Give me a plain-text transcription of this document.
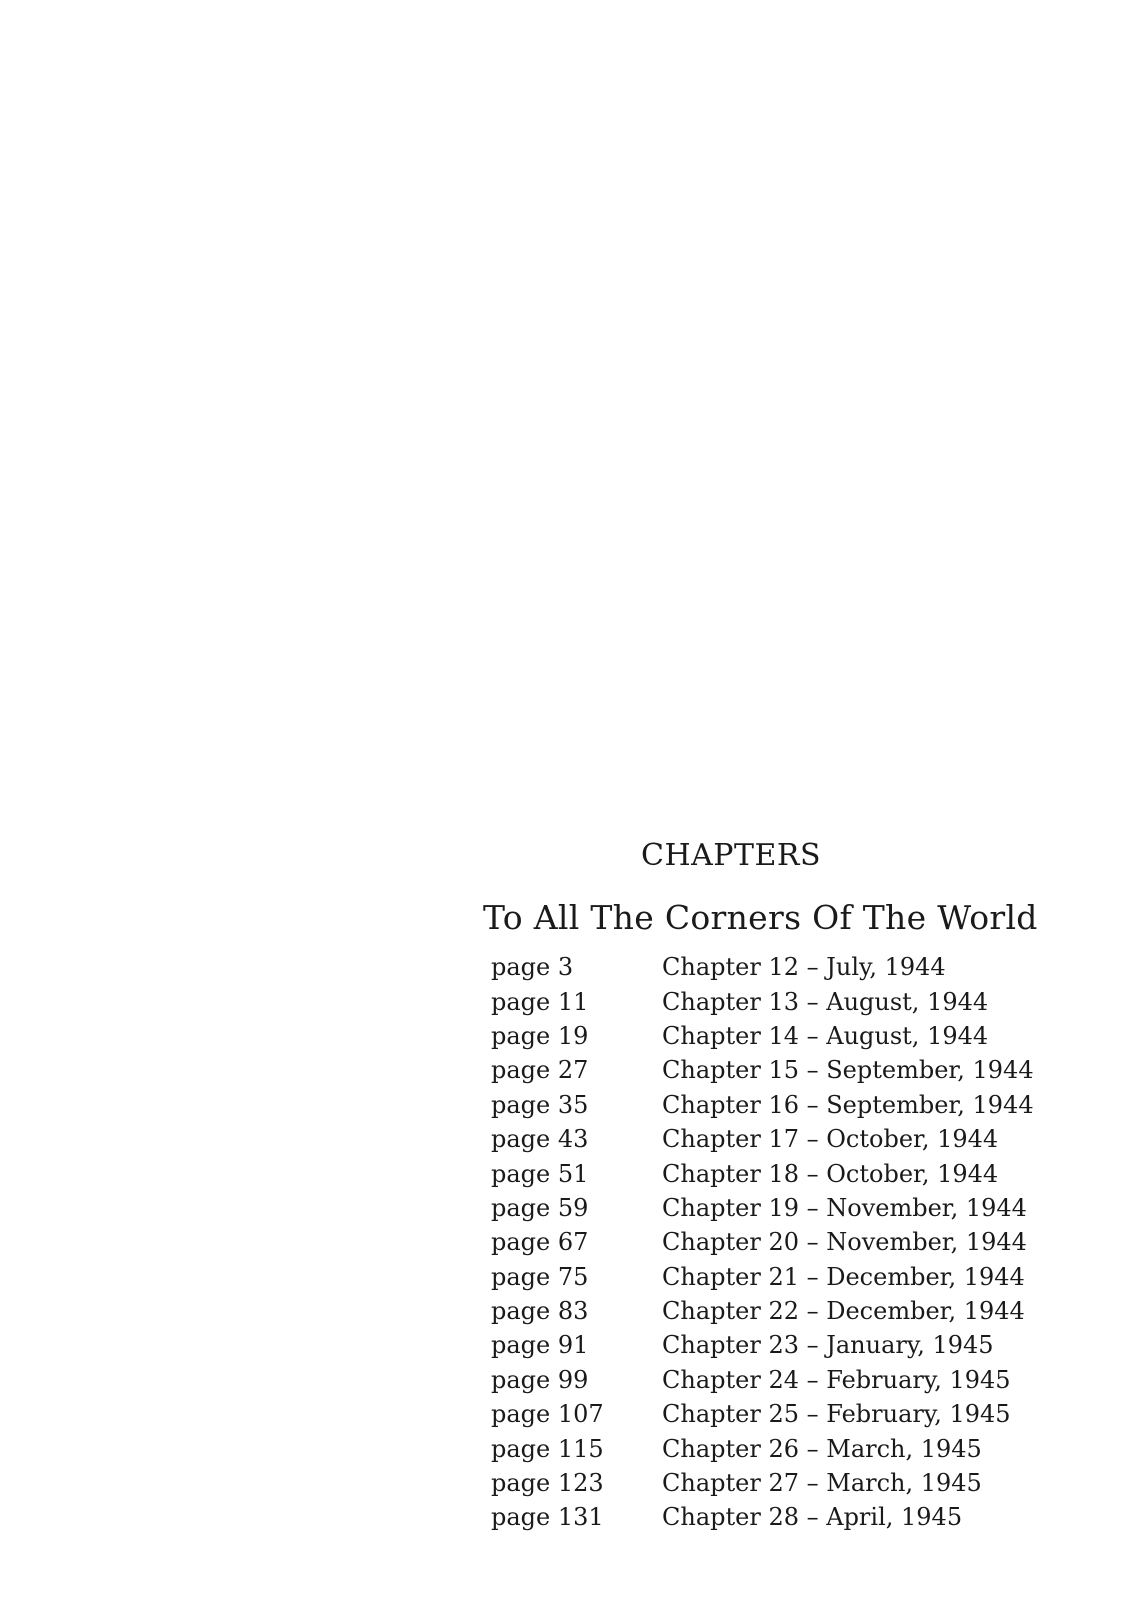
CHAPTERS
To All The Corners Of The World
page 3	Chapter 12 – July, 1944
page 11	Chapter 13 – August, 1944
page 19	Chapter 14 – August, 1944
page 27	Chapter 15 – September, 1944
page 35	Chapter 16 – September, 1944
page 43	Chapter 17 – October, 1944
page 51	Chapter 18 – October, 1944
page 59	Chapter 19 – November, 1944
page 67	Chapter 20 – November, 1944
page 75	Chapter 21 – December, 1944
page 83	Chapter 22 – December, 1944
page 91	Chapter 23 – January, 1945
page 99	Chapter 24 – February, 1945
page 107	Chapter 25 – February, 1945
page 115	Chapter 26 – March, 1945
page 123	Chapter 27 – March, 1945
page 131	Chapter 28 – April, 1945
